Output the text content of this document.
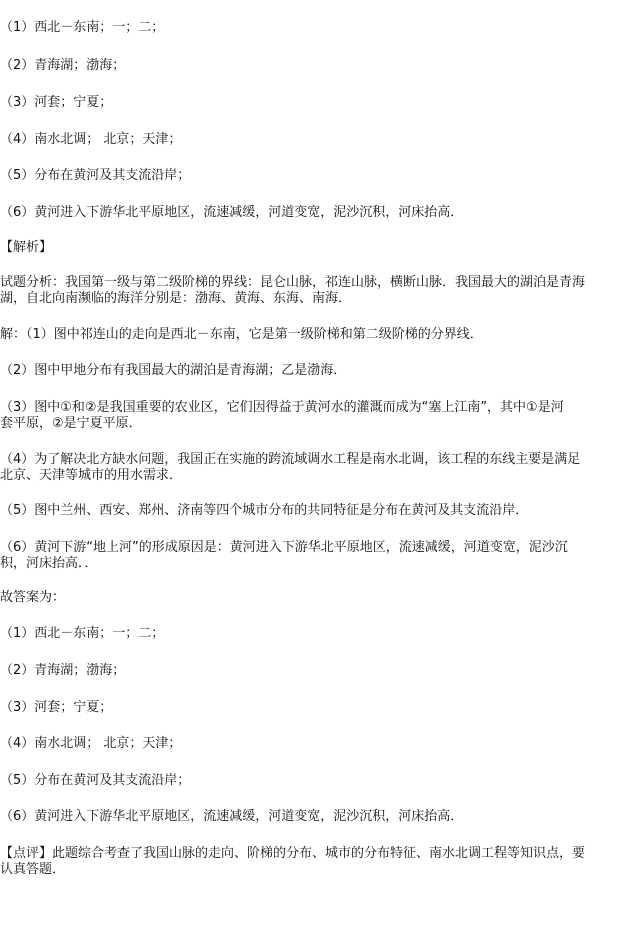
（1）西北－东南；一；二；
（2）青海湖；渤海；
（3）河套；宁夏；
（4）南水北调； 北京；天津；
（5）分布在黄河及其支流沿岸；
（6）黄河进入下游华北平原地区，流速减缓，河道变宽，泥沙沉积，河床抬高．
【解析】
试题分析：我国第一级与第二级阶梯的界线：昆仑山脉，祁连山脉，横断山脉．我国最大的湖泊是青海
湖，自北向南濒临的海洋分别是：渤海、黄海、东海、南海．
解：（1）图中祁连山的走向是西北－东南，它是第一级阶梯和第二级阶梯的分界线．
（2）图中甲地分布有我国最大的湖泊是青海湖；乙是渤海．
（3）图中①和②是我国重要的农业区，它们因得益于黄河水的灌溉而成为“塞上江南”，其中①是河
套平原，②是宁夏平原．
（4）为了解决北方缺水问题，我国正在实施的跨流域调水工程是南水北调，该工程的东线主要是满足
北京、天津等城市的用水需求．
（5）图中兰州、西安、郑州、济南等四个城市分布的共同特征是分布在黄河及其支流沿岸．
（6）黄河下游“地上河”的形成原因是：黄河进入下游华北平原地区，流速减缓，河道变宽，泥沙沉
积，河床抬高．．
故答案为：
（1）西北－东南；一；二；
（2）青海湖；渤海；
（3）河套；宁夏；
（4）南水北调； 北京；天津；
（5）分布在黄河及其支流沿岸；
（6）黄河进入下游华北平原地区，流速减缓，河道变宽，泥沙沉积，河床抬高．
【点评】此题综合考查了我国山脉的走向、阶梯的分布、城市的分布特征、南水北调工程等知识点，要
认真答题．
